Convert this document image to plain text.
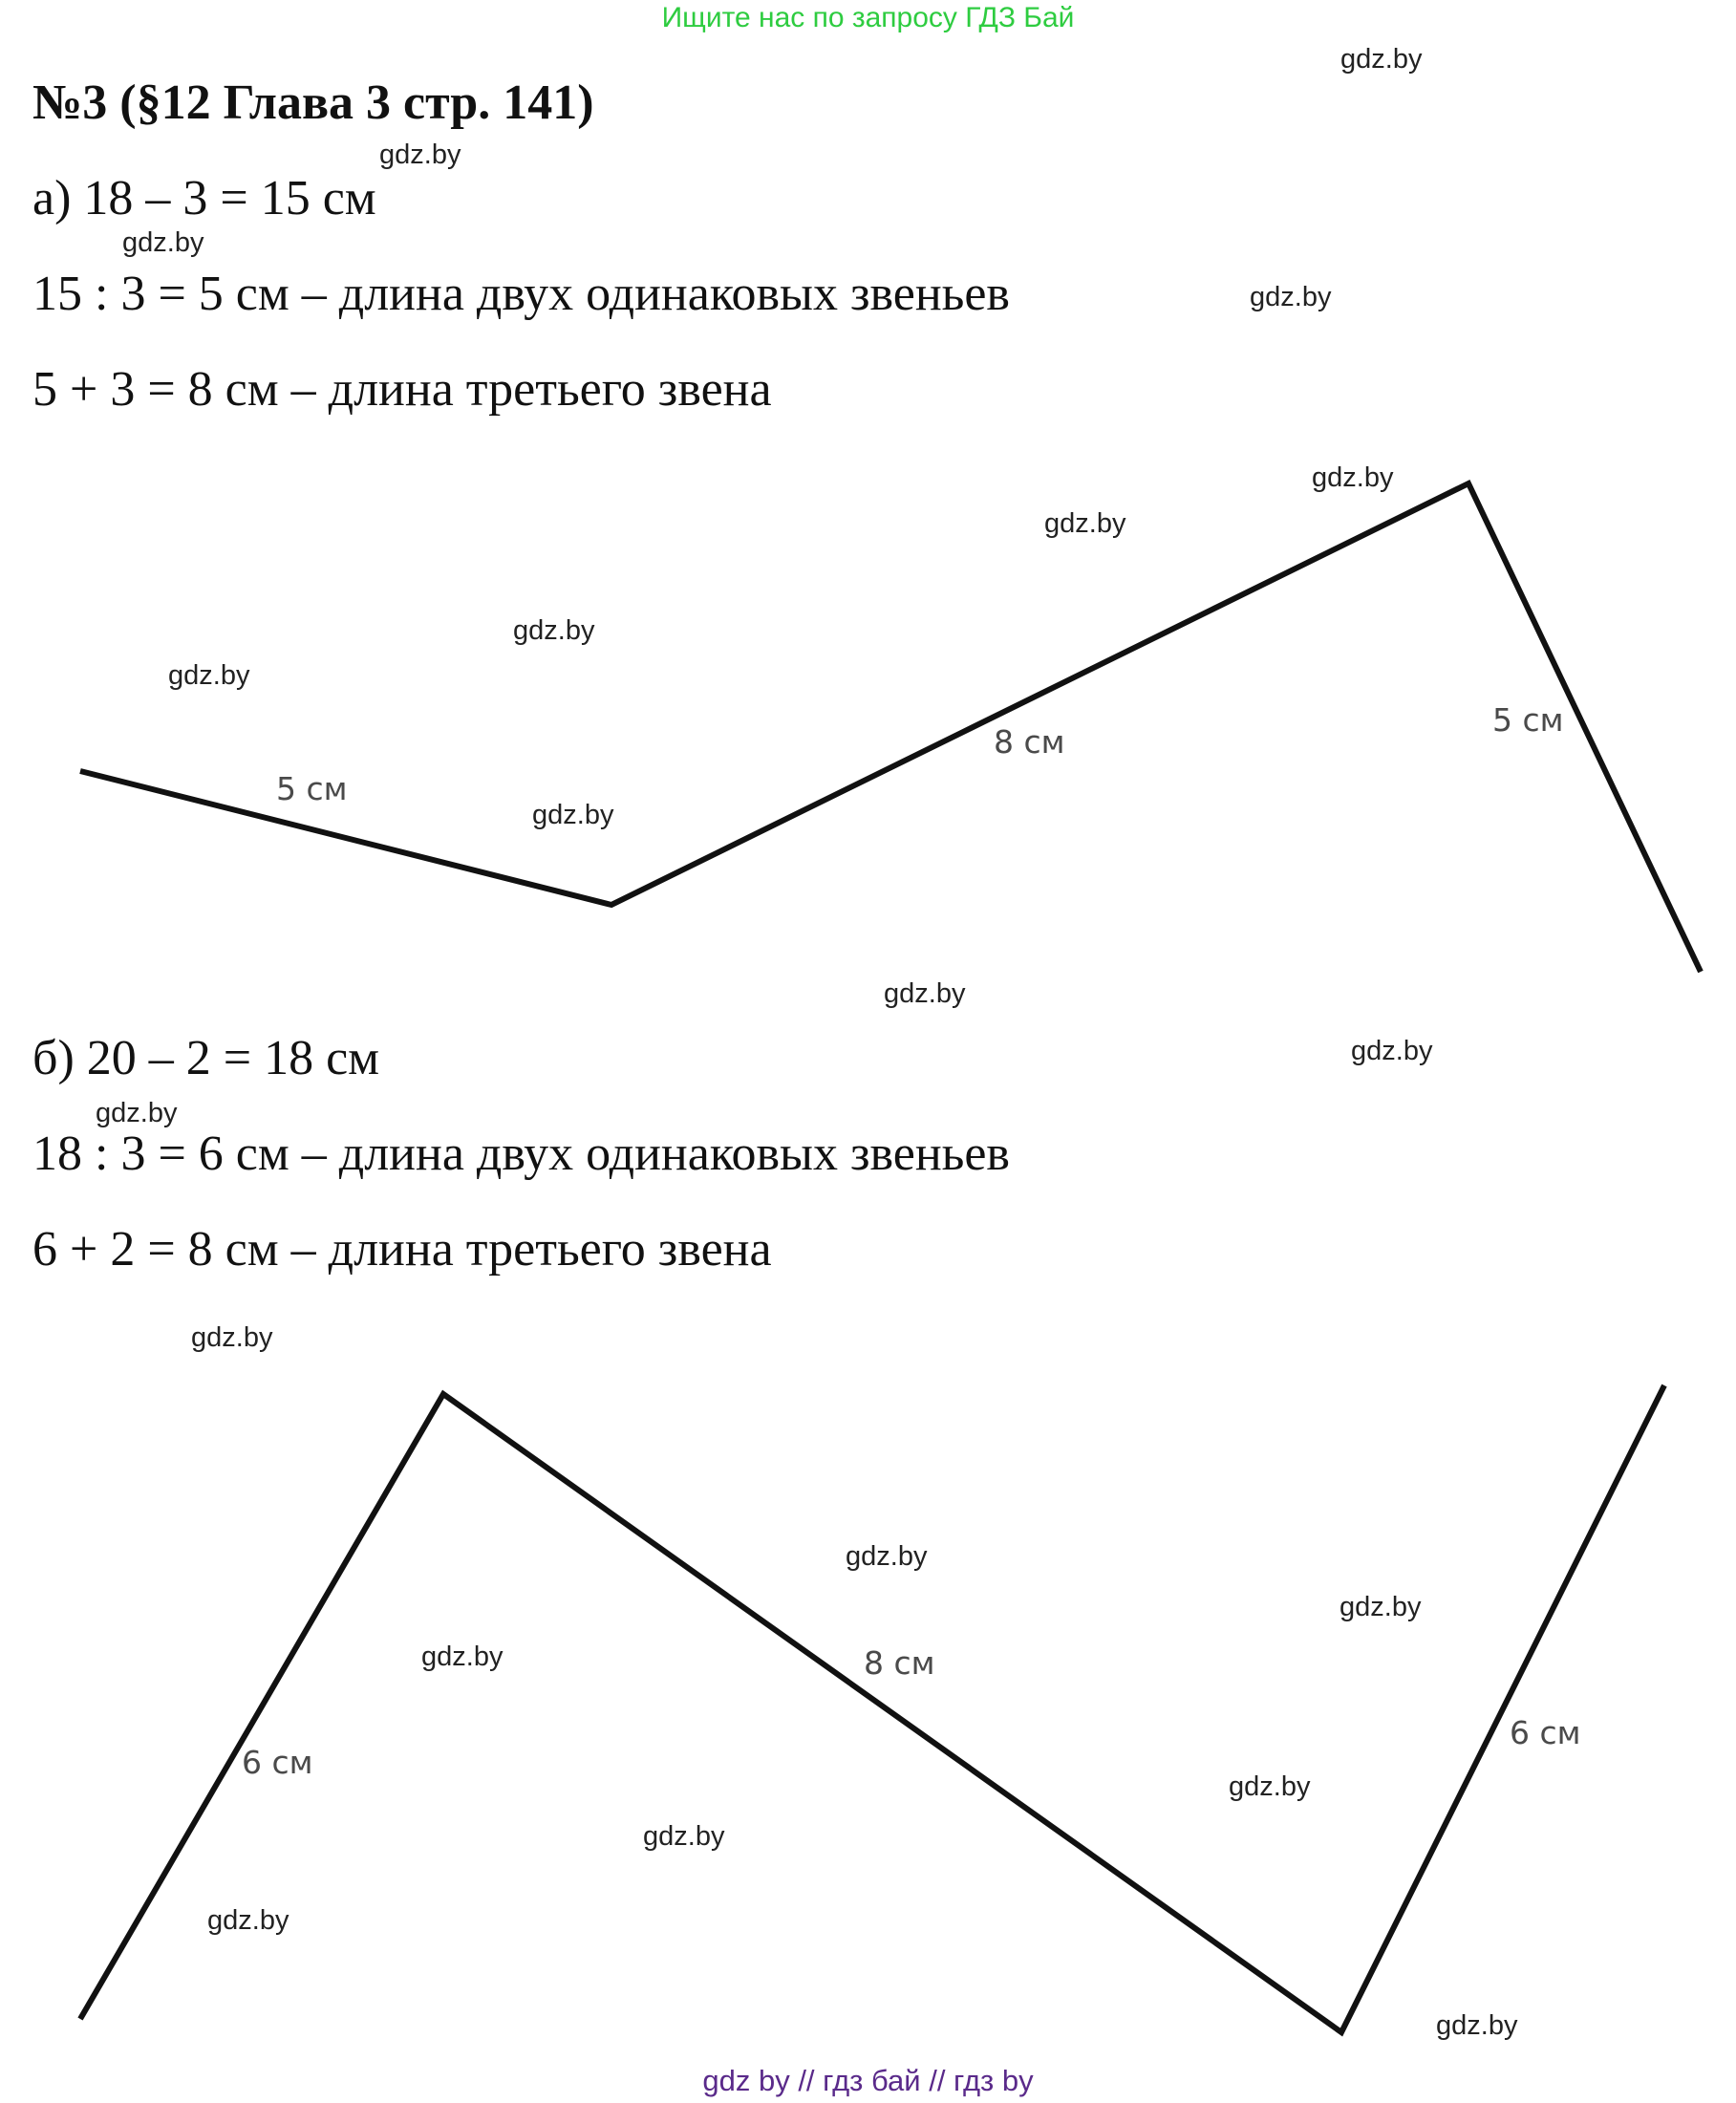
Ищите нас по запросу ГДЗ Бай
№3 (§12 Глава 3 стр. 141)
а) 18 – 3 = 15 см
15 : 3 = 5 см – длина двух одинаковых звеньев
5 + 3 = 8 см – длина третьего звена
5 см
8 см
5 см
б) 20 – 2 = 18 см
18 : 3 = 6 см – длина двух одинаковых звеньев
6 + 2 = 8 см – длина третьего звена
6 см
8 см
6 см
gdz.by
gdz.by
gdz.by
gdz.by
gdz.by
gdz.by
gdz.by
gdz.by
gdz.by
gdz.by
gdz.by
gdz.by
gdz.by
gdz.by
gdz.by
gdz.by
gdz.by
gdz.by
gdz.by
gdz.by
gdz by // гдз бай // гдз by
